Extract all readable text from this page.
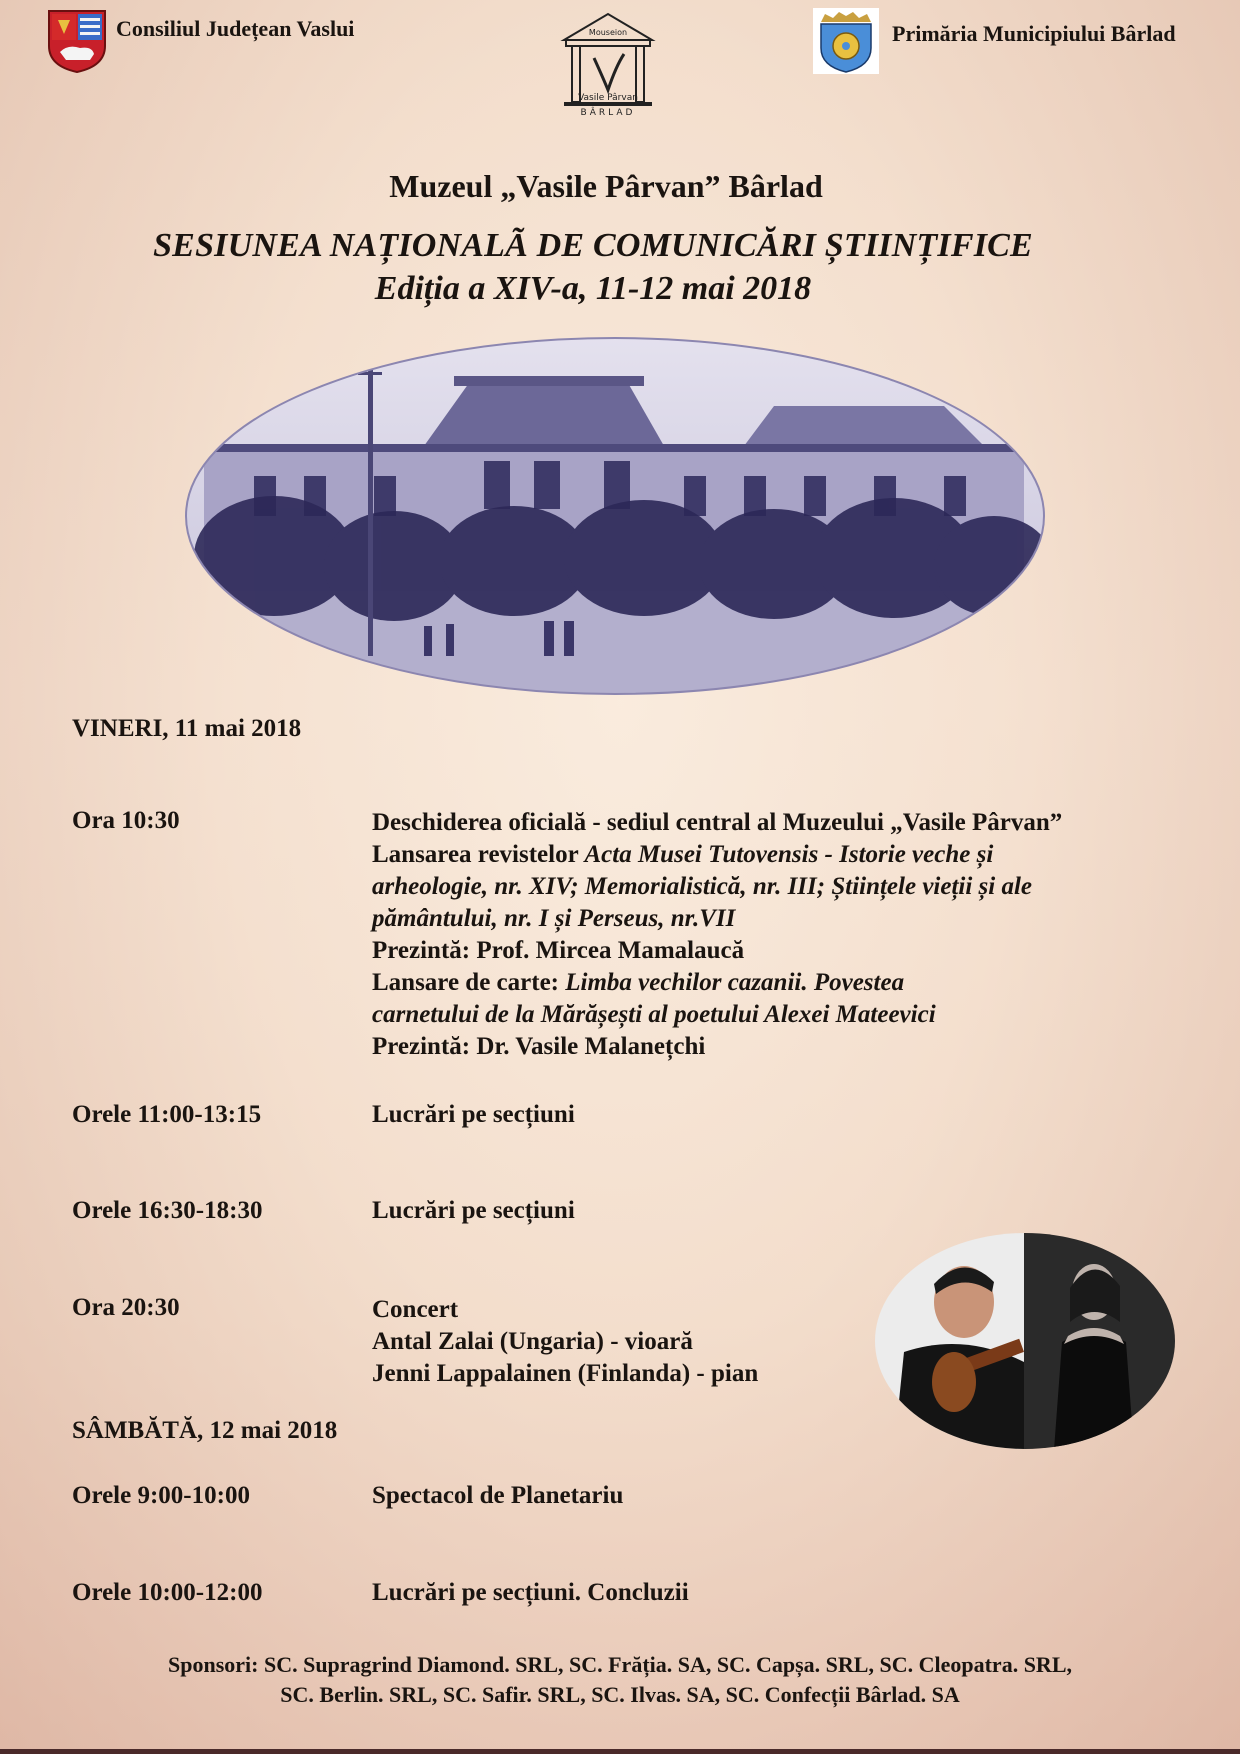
Consiliul Județean Vaslui	Mouseion
Vasile Pârvan
BÂRLAD
Primăria Municipiului Bârlad
Muzeul „Vasile Pârvan” Bârlad
SESIUNEA NAȚIONALÃ DE COMUNICĂRI ȘTIINȚIFICE
Ediția a XIV-a, 11-12 mai 2018
VINERI, 11 mai 2018
Ora 10:30	Deschiderea oficială - sediul central al Muzeului „Vasile Pârvan”
Lansarea revistelor Acta Musei Tutovensis - Istorie veche și
arheologie, nr. XIV; Memorialistică, nr. III; Științele vieții și ale
pământului, nr. I și Perseus, nr.VII
Prezintă: Prof. Mircea Mamalaucă
Lansare de carte: Limba vechilor cazanii. Povestea
carnetului de la Mărășești al poetului Alexei Mateevici
Prezintă: Dr. Vasile Malanețchi
Orele 11:00-13:15	Lucrări pe secțiuni
Orele 16:30-18:30	Lucrări pe secțiuni
Ora 20:30	Concert
Antal Zalai (Ungaria) - vioară
Jenni Lappalainen (Finlanda) - pian
SÂMBĂTĂ, 12 mai 2018
Orele 9:00-10:00	Spectacol de Planetariu
Orele 10:00-12:00	Lucrări pe secțiuni. Concluzii
Sponsori: SC. Supragrind Diamond. SRL, SC. Frăția. SA, SC. Capșa. SRL, SC. Cleopatra. SRL,
SC. Berlin. SRL, SC. Safir. SRL, SC. Ilvas. SA, SC. Confecții Bârlad. SA
